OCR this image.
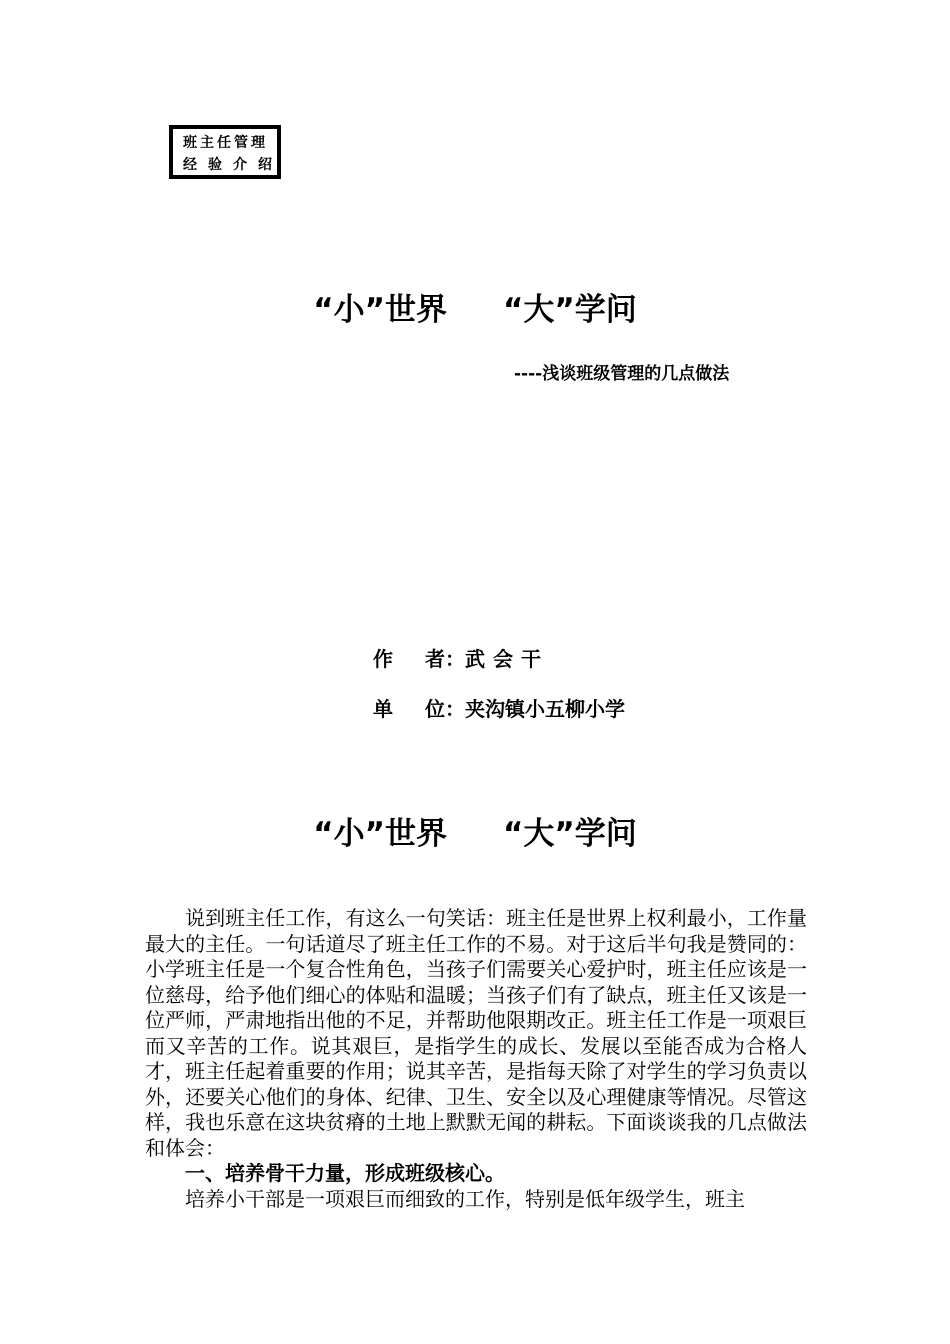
班主任管理
经验介绍
“小”世界 “大”学问
----浅谈班级管理的几点做法
作 者：武会干
单 位：夹沟镇小五柳小学
“小”世界 “大”学问

说到班主任工作，有这么一句笑话：班主任是世界上权利最小，工作量最大的主任。一句话道尽了班主任工作的不易。对于这后半句我是赞同的：小学班主任是一个复合性角色，当孩子们需要关心爱护时，班主任应该是一位慈母，给予他们细心的体贴和温暖；当孩子们有了缺点，班主任又该是一位严师，严肃地指出他的不足，并帮助他限期改正。班主任工作是一项艰巨而又辛苦的工作。说其艰巨，是指学生的成长、发展以至能否成为合格人才，班主任起着重要的作用；说其辛苦，是指每天除了对学生的学习负责以外，还要关心他们的身体、纪律、卫生、安全以及心理健康等情况。尽管这样，我也乐意在这块贫瘠的土地上默默无闻的耕耘。下面谈谈我的几点做法和体会：

一、培养骨干力量，形成班级核心。

培养小干部是一项艰巨而细致的工作，特别是低年级学生，班主
